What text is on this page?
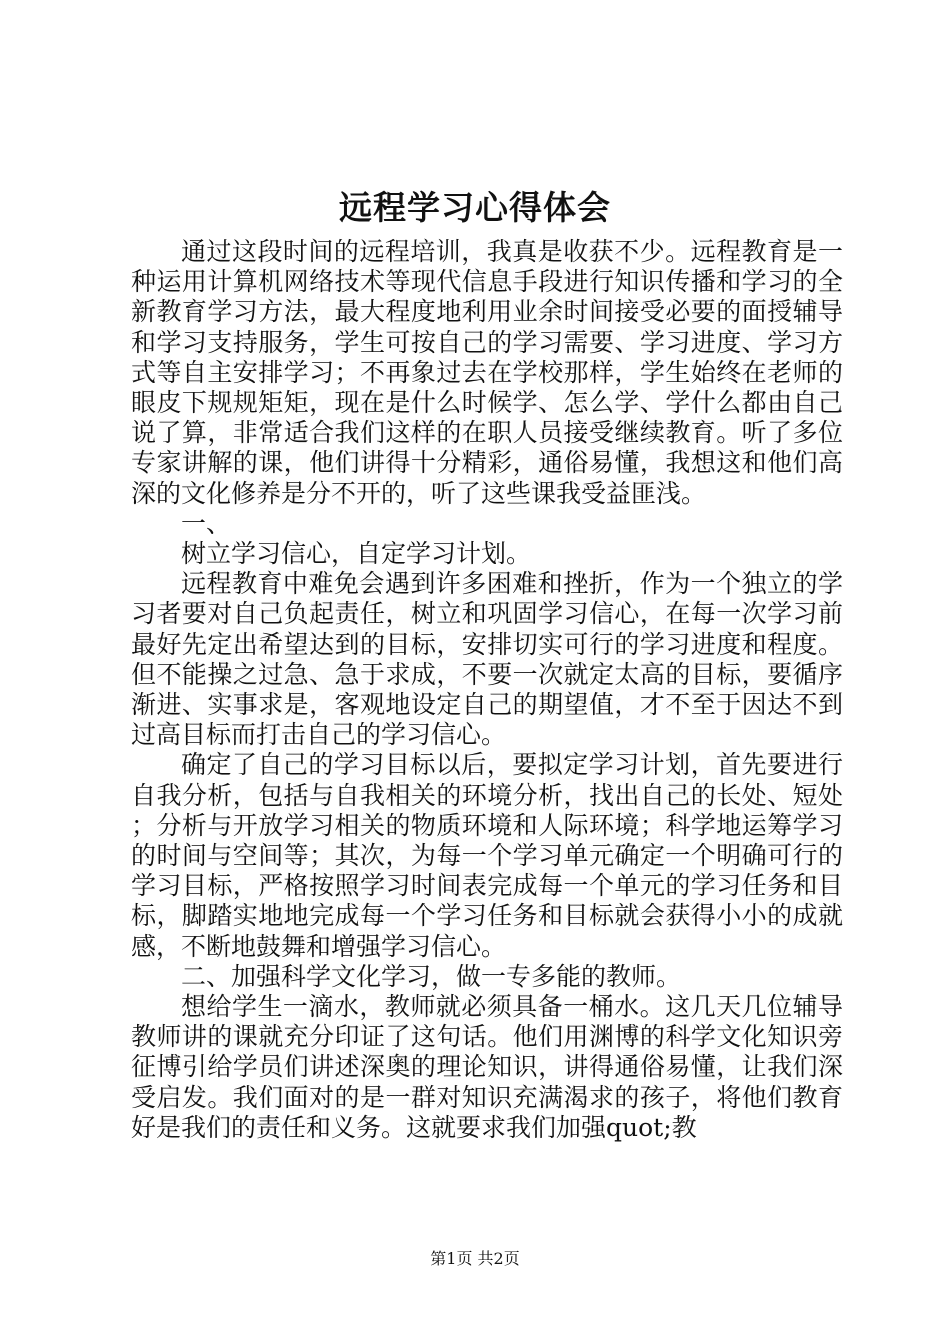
远程学习心得体会

通过这段时间的远程培训，我真是收获不少。远程教育是一种运用计算机网络技术等现代信息手段进行知识传播和学习的全新教育学习方法，最大程度地利用业余时间接受必要的面授辅导和学习支持服务，学生可按自己的学习需要、学习进度、学习方式等自主安排学习；不再象过去在学校那样，学生始终在老师的眼皮下规规矩矩，现在是什么时候学、怎么学、学什么都由自己说了算，非常适合我们这样的在职人员接受继续教育。听了多位专家讲解的课，他们讲得十分精彩，通俗易懂，我想这和他们高深的文化修养是分不开的，听了这些课我受益匪浅。

一、

树立学习信心，自定学习计划。

远程教育中难免会遇到许多困难和挫折，作为一个独立的学习者要对自己负起责任，树立和巩固学习信心，在每一次学习前最好先定出希望达到的目标，安排切实可行的学习进度和程度。但不能操之过急、急于求成，不要一次就定太高的目标，要循序渐进、实事求是，客观地设定自己的期望值，才不至于因达不到过高目标而打击自己的学习信心。

确定了自己的学习目标以后，要拟定学习计划，首先要进行自我分析，包括与自我相关的环境分析，找出自己的长处、短处；分析与开放学习相关的物质环境和人际环境；科学地运筹学习的时间与空间等；其次，为每一个学习单元确定一个明确可行的学习目标，严格按照学习时间表完成每一个单元的学习任务和目标，脚踏实地地完成每一个学习任务和目标就会获得小小的成就感，不断地鼓舞和增强学习信心。

二、加强科学文化学习，做一专多能的教师。

想给学生一滴水，教师就必须具备一桶水。这几天几位辅导教师讲的课就充分印证了这句话。他们用渊博的科学文化知识旁征博引给学员们讲述深奥的理论知识，讲得通俗易懂，让我们深受启发。我们面对的是一群对知识充满渴求的孩子，将他们教育好是我们的责任和义务。这就要求我们加强quot;教

第1页 共2页
